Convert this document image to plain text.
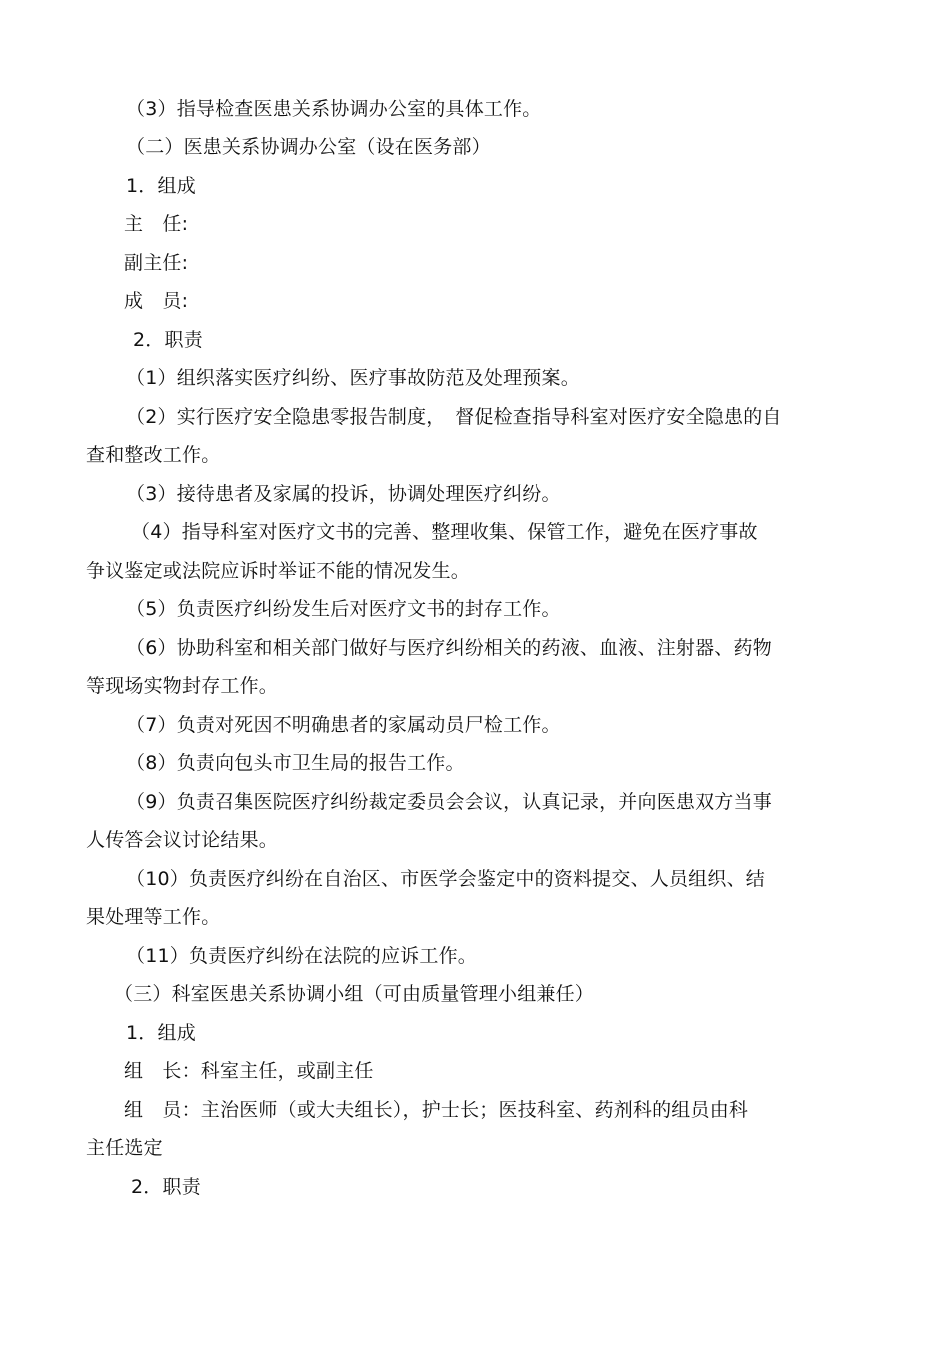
（3）指导检查医患关系协调办公室的具体工作。

（二）医患关系协调办公室（设在医务部）

1．组成

主　任:

副主任:

成　员:

2．职责

（1）组织落实医疗纠纷、医疗事故防范及处理预案。

（2）实行医疗安全隐患零报告制度，　督促检查指导科室对医疗安全隐患的自

查和整改工作。

（3）接待患者及家属的投诉，协调处理医疗纠纷。

（4）指导科室对医疗文书的完善、整理收集、保管工作，避免在医疗事故

争议鉴定或法院应诉时举证不能的情况发生。

（5）负责医疗纠纷发生后对医疗文书的封存工作。

（6）协助科室和相关部门做好与医疗纠纷相关的药液、血液、注射器、药物

等现场实物封存工作。

（7）负责对死因不明确患者的家属动员尸检工作。

（8）负责向包头市卫生局的报告工作。

（9）负责召集医院医疗纠纷裁定委员会会议，认真记录，并向医患双方当事

人传答会议讨论结果。

（10）负责医疗纠纷在自治区、市医学会鉴定中的资料提交、人员组织、结

果处理等工作。

（11）负责医疗纠纷在法院的应诉工作。

（三）科室医患关系协调小组（可由质量管理小组兼任）

1．组成

组　长：科室主任，或副主任

组　员：主治医师（或大夫组长），护士长；医技科室、药剂科的组员由科

主任选定

2．职责
